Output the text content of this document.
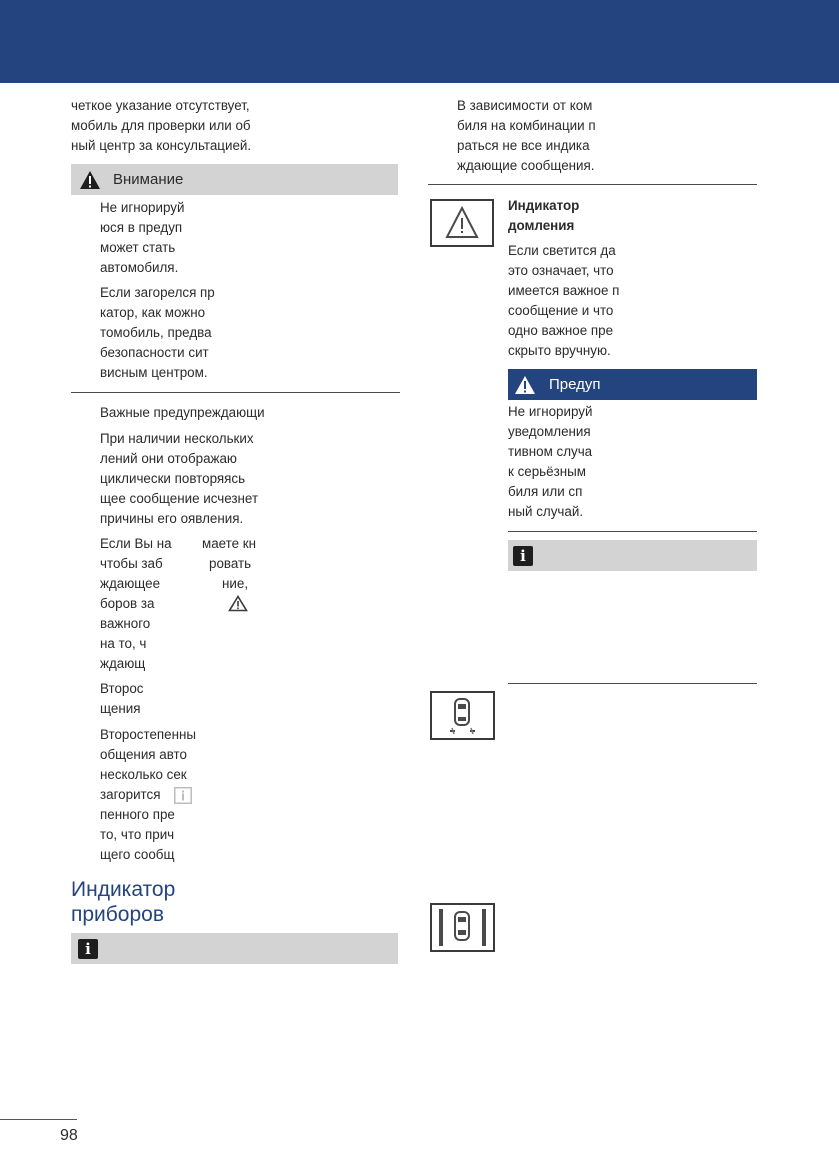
четкое указание отсутствует,

мобиль для проверки или об

ный центр за консультацией.

Внимание

Не игнорируй

юся в предуп

может стать

автомобиля.

Если загорелся пр

катор, как можно

томобиль, предва

безопасности сит

висным центром.

Важные предупреждающи

При наличии нескольких

лений они отображаю

циклически повторяясь

щее сообщение исчезнет

причины его оявления.

Если Вы на

чтобы заб

ждающее

боров за

важного

на то, ч

ждающ

маете кн

ровать

ние,

Второс

щения

Второстепенны

общения авто

несколько сек

загорится

пенного пре

то, что прич

щего сообщ

Индикатор

приборов

i

В зависимости от ком

биля на комбинации п

раться не все индика

ждающие сообщения.

Индикатор

домления

Если светится да

это означает, что

имеется важное п

сообщение и что

одно важное пре

скрыто вручную.

Предуп

Не игнорируй

уведомления

тивном случа

к серьёзным

биля или сп

ный случай.

i
98
